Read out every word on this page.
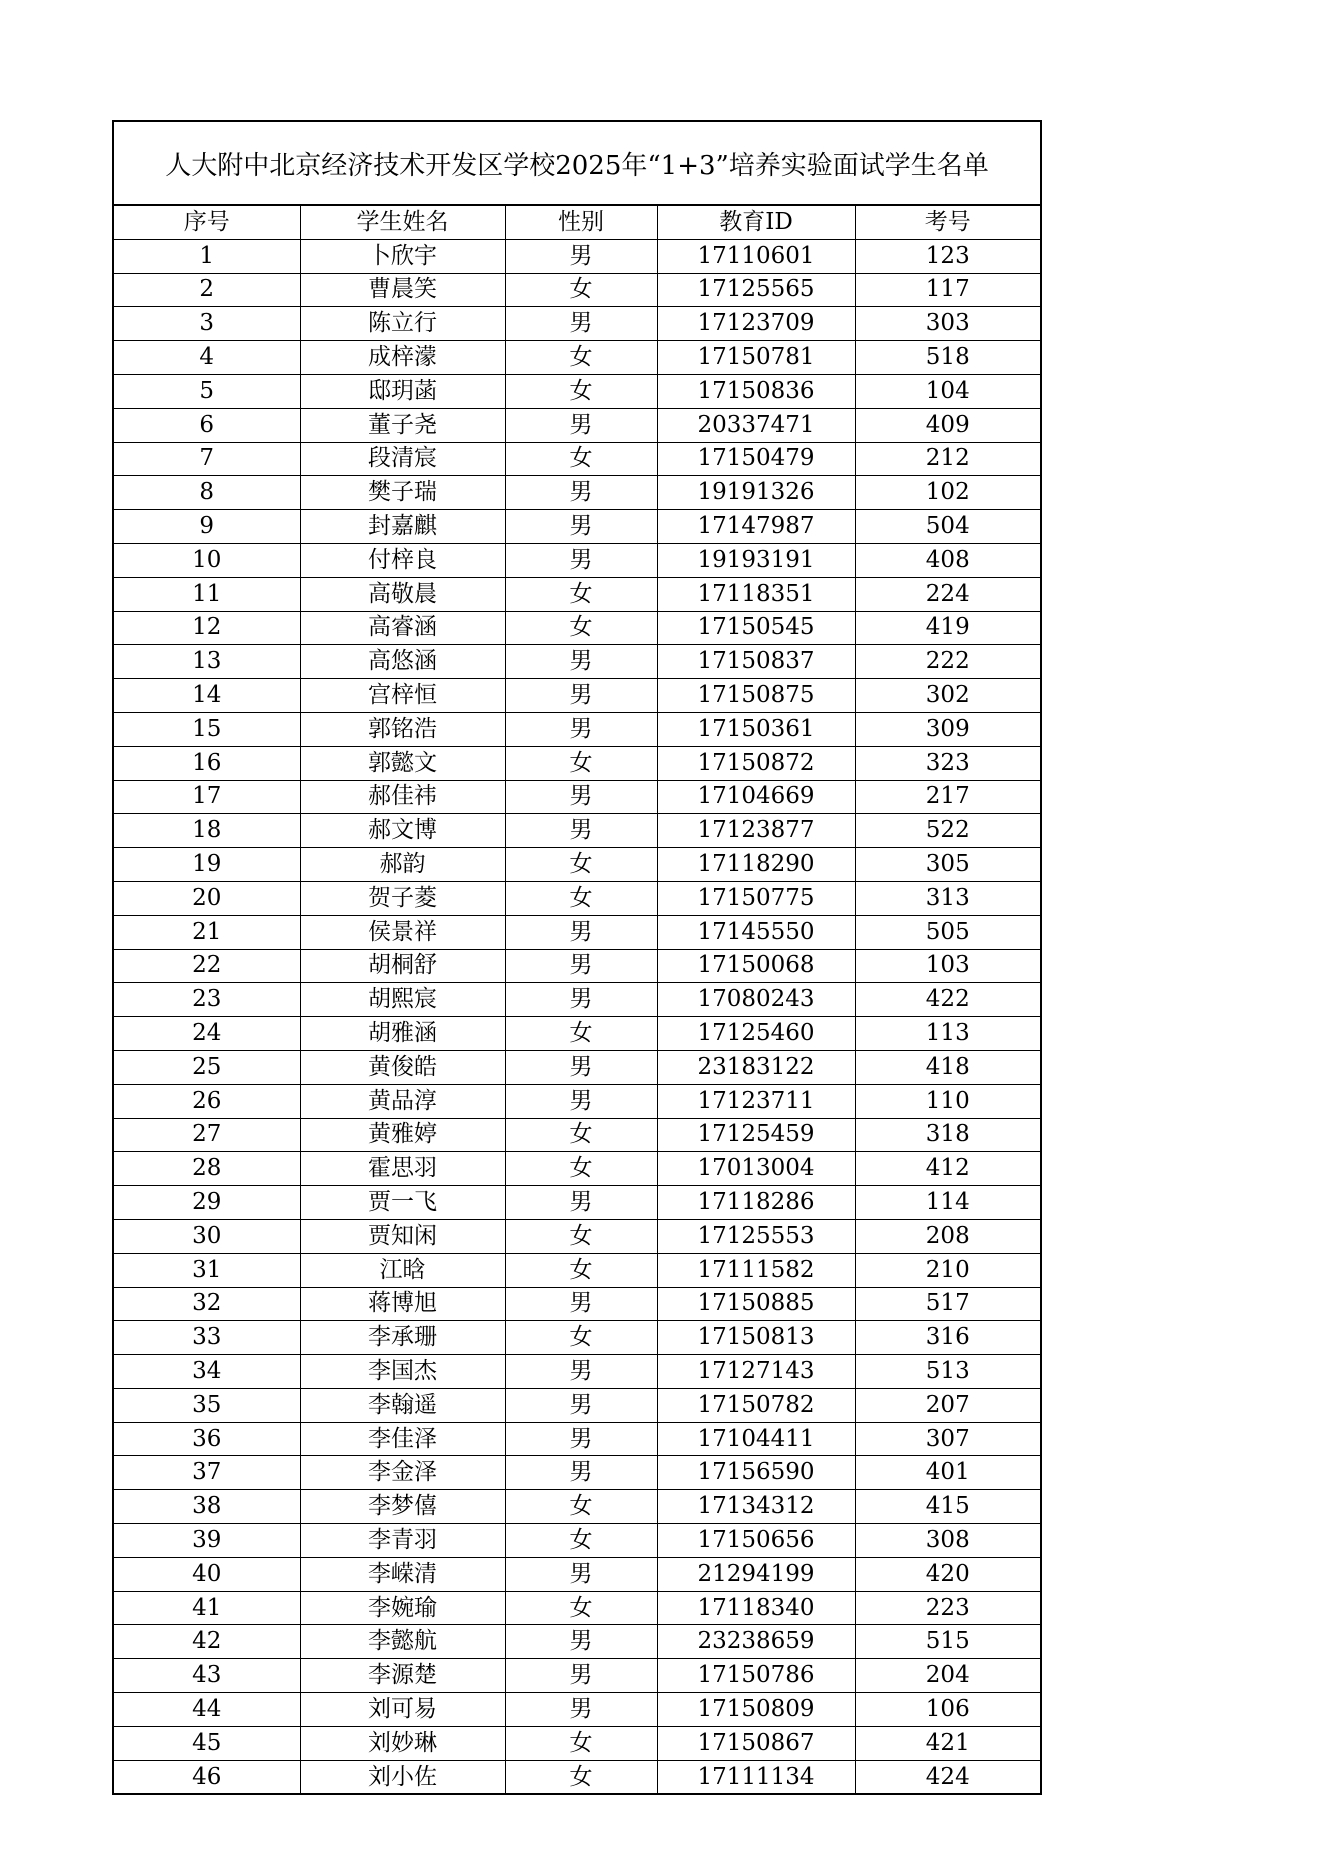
人大附中北京经济技术开发区学校2025年“1+3”培养实验面试学生名单
序号	学生姓名	性别	教育ID	考号
1	卜欣宇	男	17110601	123
2	曹晨笑	女	17125565	117
3	陈立行	男	17123709	303
4	成梓濛	女	17150781	518
5	邸玥菡	女	17150836	104
6	董子尧	男	20337471	409
7	段清宸	女	17150479	212
8	樊子瑞	男	19191326	102
9	封嘉麒	男	17147987	504
10	付梓良	男	19193191	408
11	高敬晨	女	17118351	224
12	高睿涵	女	17150545	419
13	高悠涵	男	17150837	222
14	宫梓恒	男	17150875	302
15	郭铭浩	男	17150361	309
16	郭懿文	女	17150872	323
17	郝佳祎	男	17104669	217
18	郝文博	男	17123877	522
19	郝韵	女	17118290	305
20	贺子菱	女	17150775	313
21	侯景祥	男	17145550	505
22	胡桐舒	男	17150068	103
23	胡熙宸	男	17080243	422
24	胡雅涵	女	17125460	113
25	黄俊皓	男	23183122	418
26	黄品淳	男	17123711	110
27	黄雅婷	女	17125459	318
28	霍思羽	女	17013004	412
29	贾一飞	男	17118286	114
30	贾知闲	女	17125553	208
31	江晗	女	17111582	210
32	蒋博旭	男	17150885	517
33	李承珊	女	17150813	316
34	李国杰	男	17127143	513
35	李翰遥	男	17150782	207
36	李佳泽	男	17104411	307
37	李金泽	男	17156590	401
38	李梦僖	女	17134312	415
39	李青羽	女	17150656	308
40	李嵘清	男	21294199	420
41	李婉瑜	女	17118340	223
42	李懿航	男	23238659	515
43	李源楚	男	17150786	204
44	刘可易	男	17150809	106
45	刘妙琳	女	17150867	421
46	刘小佐	女	17111134	424
